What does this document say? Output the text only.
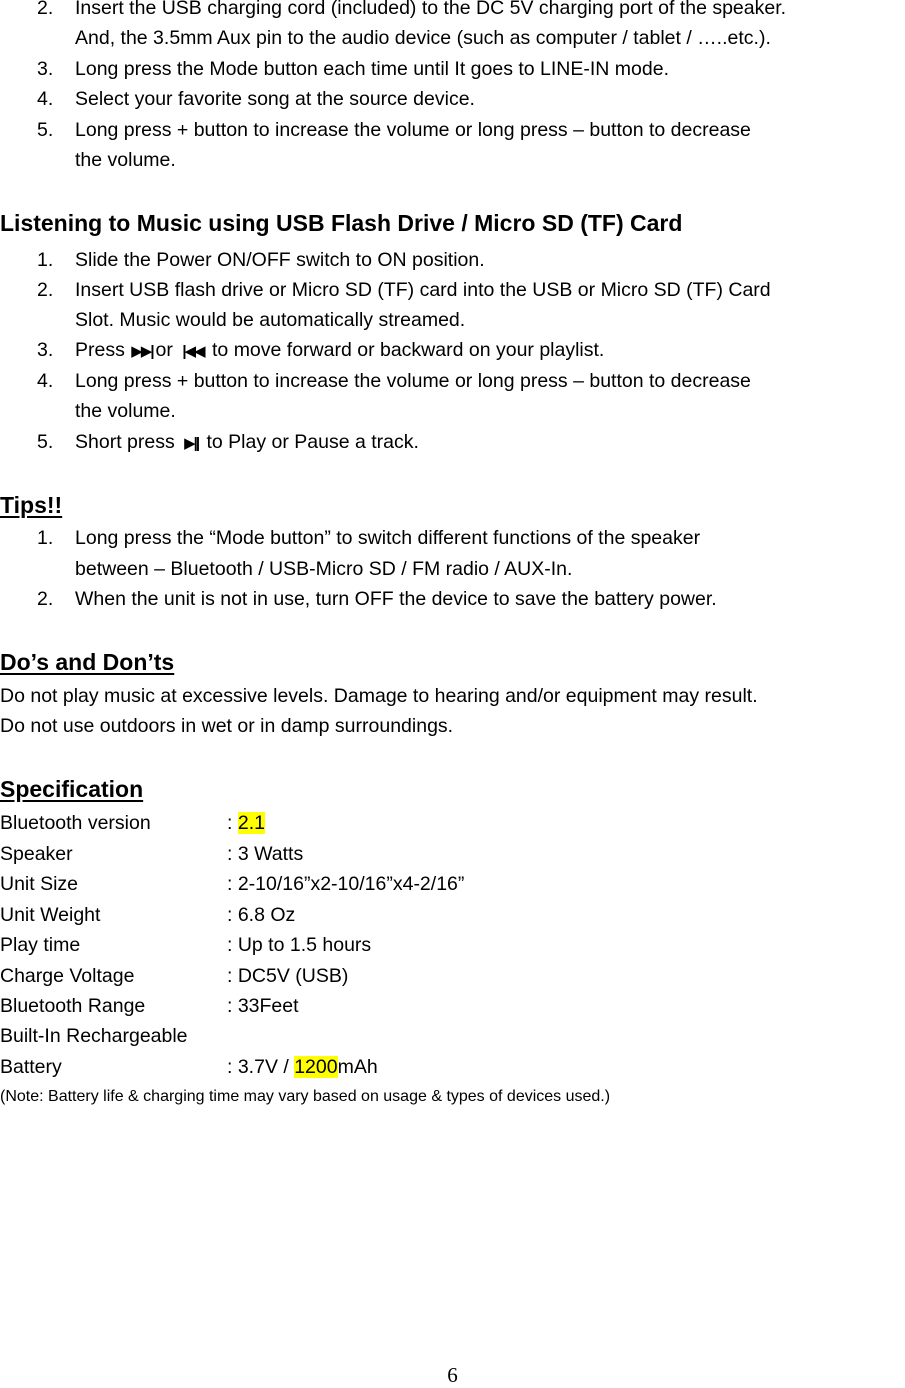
2. Insert the USB charging cord (included) to the DC 5V charging port of the speaker.
And, the 3.5mm Aux pin to the audio device (such as computer / tablet / …..etc.).
3. Long press the Mode button each time until It goes to LINE-IN mode.
4. Select your favorite song at the source device.
5. Long press + button to increase the volume or long press – button to decrease
the volume.
Listening to Music using USB Flash Drive / Micro SD (TF) Card
1. Slide the Power ON/OFF switch to ON position.
2. Insert USB flash drive or Micro SD (TF) card into the USB or Micro SD (TF) Card
Slot. Music would be automatically streamed.
3. Press ▶▶| or |◀◀ to move forward or backward on your playlist.
4. Long press + button to increase the volume or long press – button to decrease
the volume.
5. Short press ▶|| to Play or Pause a track.
Tips!!
1. Long press the “Mode button” to switch different functions of the speaker
between – Bluetooth / USB-Micro SD / FM radio / AUX-In.
2. When the unit is not in use, turn OFF the device to save the battery power.
Do’s and Don’ts
Do not play music at excessive levels. Damage to hearing and/or equipment may result.
Do not use outdoors in wet or in damp surroundings.
Specification
Bluetooth version	: 2.1
Speaker	: 3 Watts
Unit Size	: 2-10/16”x2-10/16”x4-2/16”
Unit Weight	: 6.8 Oz
Play time	: Up to 1.5 hours
Charge Voltage	: DC5V (USB)
Bluetooth Range	: 33Feet
Built-In Rechargeable
Battery	: 3.7V / 1200mAh
(Note: Battery life & charging time may vary based on usage & types of devices used.)
6
